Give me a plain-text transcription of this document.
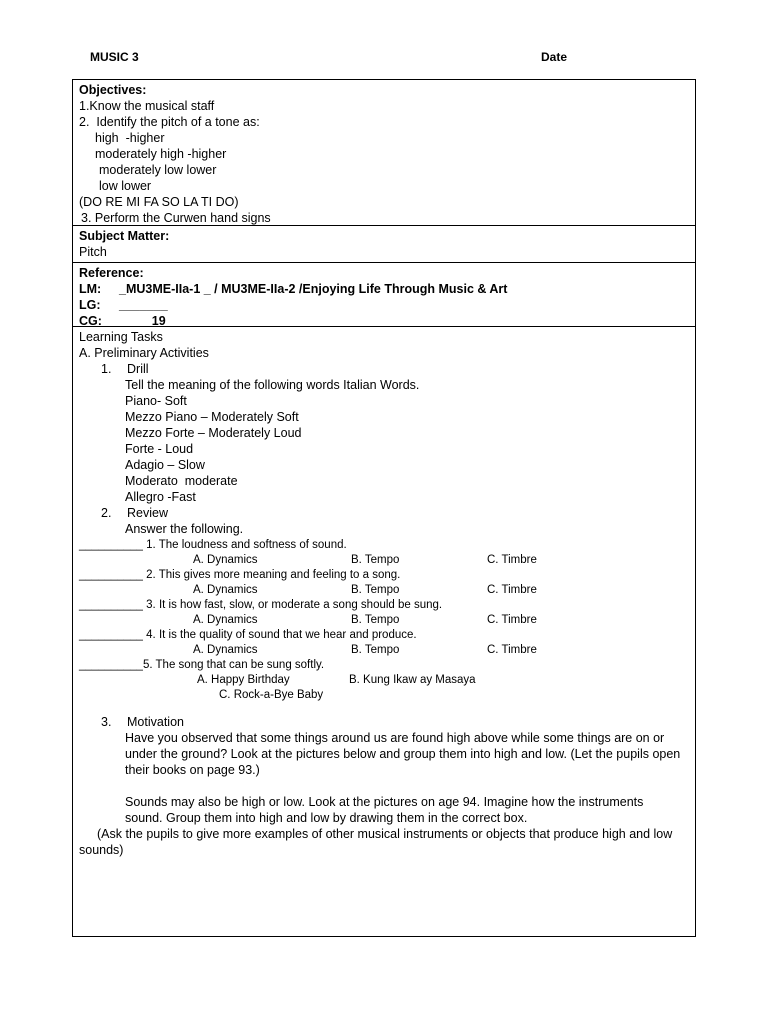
MUSIC 3	Date
Objectives:
1.Know the musical staff
2.  Identify the pitch of a tone as:
high  -higher
moderately high -higher
moderately low lower
low lower
(DO RE MI FA SO LA TI DO)
3. Perform the Curwen hand signs
Subject Matter:
Pitch
Reference:
LM: _MU3ME-IIa-1 _ / MU3ME-IIa-2 /Enjoying Life Through Music & Art
LG: _______
CG: _____19_____
Learning Tasks
A. Preliminary Activities
1. Drill
Tell the meaning of the following words Italian Words.
Piano- Soft
Mezzo Piano – Moderately Soft
Mezzo Forte – Moderately Loud
Forte - Loud
Adagio – Slow
Moderato  moderate
Allegro -Fast
2. Review
Answer the following.
__________ 1. The loudness and softness of sound.
A. Dynamics	B. Tempo	C. Timbre
__________ 2. This gives more meaning and feeling to a song.
A. Dynamics	B. Tempo	C. Timbre
__________ 3. It is how fast, slow, or moderate a song should be sung.
A. Dynamics	B. Tempo	C. Timbre
__________ 4. It is the quality of sound that we hear and produce.
A. Dynamics	B. Tempo	C. Timbre
__________5. The song that can be sung softly.
A. Happy Birthday	B. Kung Ikaw ay Masaya
C. Rock-a-Bye Baby
3. Motivation
Have you observed that some things around us are found high above while some things are on or under the ground? Look at the pictures below and group them into high and low. (Let the pupils open their books on page 93.)
Sounds may also be high or low. Look at the pictures on age 94. Imagine how the instruments sound. Group them into high and low by drawing them in the correct box.
(Ask the pupils to give more examples of other musical instruments or objects that produce high and low sounds)
